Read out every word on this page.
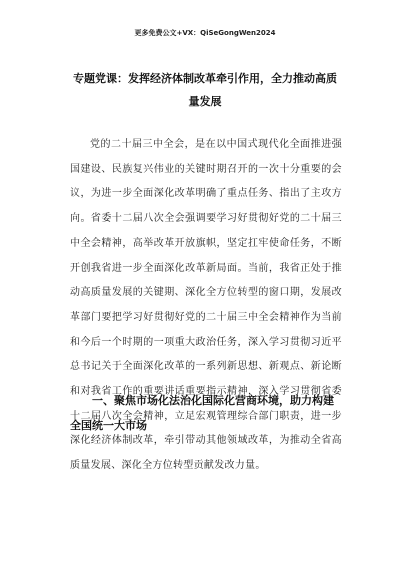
更多免费公文+VX：QiSeGongWen2024
专题党课：发挥经济体制改革牵引作用，全力推动高质量发展
党的二十届三中全会，是在以中国式现代化全面推进强国建设、民族复兴伟业的关键时期召开的一次十分重要的会议，为进一步全面深化改革明确了重点任务、指出了主攻方向。省委十二届八次全会强调要学习好贯彻好党的二十届三中全会精神，高举改革开放旗帜，坚定扛牢使命任务，不断开创我省进一步全面深化改革新局面。当前，我省正处于推动高质量发展的关键期、深化全方位转型的窗口期，发展改革部门要把学习好贯彻好党的二十届三中全会精神作为当前和今后一个时期的一项重大政治任务，深入学习贯彻习近平总书记关于全面深化改革的一系列新思想、新观点、新论断和对我省工作的重要讲话重要指示精神，深入学习贯彻省委十二届八次全会精神，立足宏观管理综合部门职责，进一步深化经济体制改革，牵引带动其他领域改革，为推动全省高质量发展、深化全方位转型贡献发改力量。
一、聚焦市场化法治化国际化营商环境，助力构建全国统一大市场
